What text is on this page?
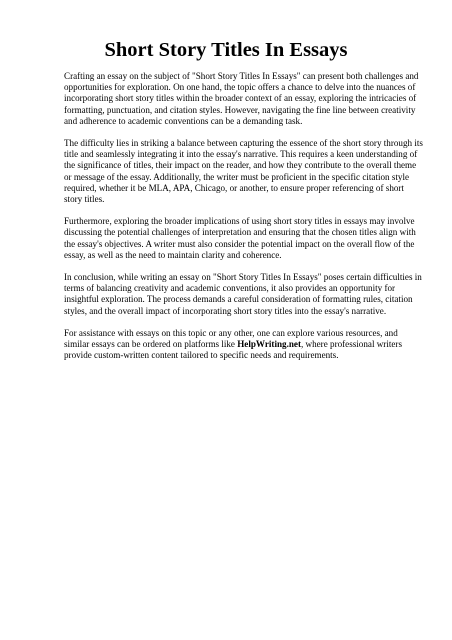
Short Story Titles In Essays

Crafting an essay on the subject of "Short Story Titles In Essays" can present both challenges and opportunities for exploration. On one hand, the topic offers a chance to delve into the nuances of incorporating short story titles within the broader context of an essay, exploring the intricacies of formatting, punctuation, and citation styles. However, navigating the fine line between creativity and adherence to academic conventions can be a demanding task.

The difficulty lies in striking a balance between capturing the essence of the short story through its title and seamlessly integrating it into the essay's narrative. This requires a keen understanding of the significance of titles, their impact on the reader, and how they contribute to the overall theme or message of the essay. Additionally, the writer must be proficient in the specific citation style required, whether it be MLA, APA, Chicago, or another, to ensure proper referencing of short story titles.

Furthermore, exploring the broader implications of using short story titles in essays may involve discussing the potential challenges of interpretation and ensuring that the chosen titles align with the essay's objectives. A writer must also consider the potential impact on the overall flow of the essay, as well as the need to maintain clarity and coherence.

In conclusion, while writing an essay on "Short Story Titles In Essays" poses certain difficulties in terms of balancing creativity and academic conventions, it also provides an opportunity for insightful exploration. The process demands a careful consideration of formatting rules, citation styles, and the overall impact of incorporating short story titles into the essay's narrative.

For assistance with essays on this topic or any other, one can explore various resources, and similar essays can be ordered on platforms like HelpWriting.net, where professional writers provide custom-written content tailored to specific needs and requirements.
